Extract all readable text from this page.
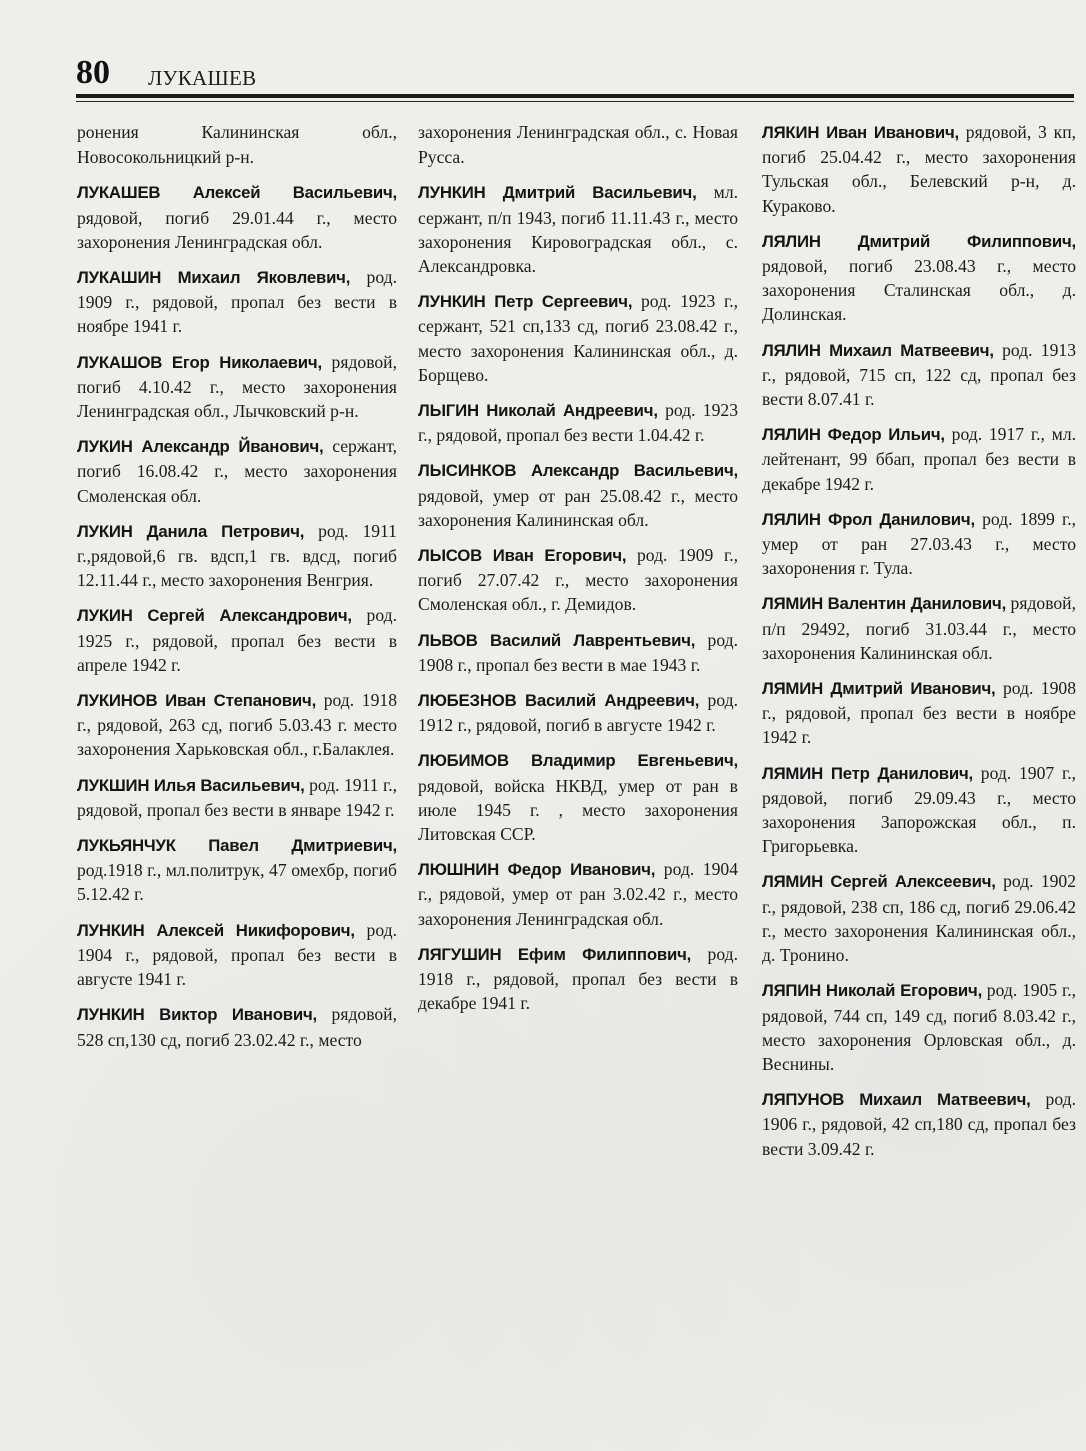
80 ЛУКАШЕВ

ронения Калининская обл., Новосокольницкий р-н.

ЛУКАШЕВ Алексей Васильевич, рядовой, погиб 29.01.44 г., место захоронения Ленинградская обл.

ЛУКАШИН Михаил Яковлевич, род. 1909 г., рядовой, пропал без вести в ноябре 1941 г.

ЛУКАШОВ Егор Николаевич, рядовой, погиб 4.10.42 г., место захоронения Ленинградская обл., Лычковский р-н.

ЛУКИН Александр Йванович, сержант, погиб 16.08.42 г., место захоронения Смоленская обл.

ЛУКИН Данила Петрович, род. 1911 г.,рядовой,6 гв. вдсп,1 гв. вдсд, погиб 12.11.44 г., место захоронения Венгрия.

ЛУКИН Сергей Александрович, род. 1925 г., рядовой, пропал без вести в апреле 1942 г.

ЛУКИНОВ Иван Степанович, род. 1918 г., рядовой, 263 сд, погиб 5.03.43 г. место захоронения Харьковская обл., г.Балаклея.

ЛУКШИН Илья Васильевич, род. 1911 г., рядовой, пропал без вести в январе 1942 г.

ЛУКЬЯНЧУК Павел Дмитриевич, род.1918 г., мл.политрук, 47 омехбр, погиб 5.12.42 г.

ЛУНКИН Алексей Никифорович, род. 1904 г., рядовой, пропал без вести в августе 1941 г.

ЛУНКИН Виктор Иванович, рядовой, 528 сп,130 сд, погиб 23.02.42 г., место

захоронения Ленинградская обл., с. Новая Русса.

ЛУНКИН Дмитрий Васильевич, мл. сержант, п/п 1943, погиб 11.11.43 г., место захоронения Кировоградская обл., с. Александровка.

ЛУНКИН Петр Сергеевич, род. 1923 г., сержант, 521 сп,133 сд, погиб 23.08.42 г., место захоронения Калининская обл., д. Борщево.

ЛЫГИН Николай Андреевич, род. 1923 г., рядовой, пропал без вести 1.04.42 г.

ЛЫСИНКОВ Александр Васильевич, рядовой, умер от ран 25.08.42 г., место захоронения Калининская обл.

ЛЫСОВ Иван Егорович, род. 1909 г., погиб 27.07.42 г., место захоронения Смоленская обл., г. Демидов.

ЛЬВОВ Василий Лаврентьевич, род. 1908 г., пропал без вести в мае 1943 г.

ЛЮБЕЗНОВ Василий Андреевич, род. 1912 г., рядовой, погиб в августе 1942 г.

ЛЮБИМОВ Владимир Евгеньевич, рядовой, войска НКВД, умер от ран в июле 1945 г. , место захоронения Литовская ССР.

ЛЮШНИН Федор Иванович, род. 1904 г., рядовой, умер от ран 3.02.42 г., место захоронения Ленинградская обл.

ЛЯГУШИН Ефим Филиппович, род. 1918 г., рядовой, пропал без вести в декабре 1941 г.

ЛЯКИН Иван Иванович, рядовой, 3 кп, погиб 25.04.42 г., место захоронения Тульская обл., Белевский р-н, д. Кураково.

ЛЯЛИН Дмитрий Филиппович, рядовой, погиб 23.08.43 г., место захоронения Сталинская обл., д. Долинская.

ЛЯЛИН Михаил Матвеевич, род. 1913 г., рядовой, 715 сп, 122 сд, пропал без вести 8.07.41 г.

ЛЯЛИН Федор Ильич, род. 1917 г., мл. лейтенант, 99 ббап, пропал без вести в декабре 1942 г.

ЛЯЛИН Фрол Данилович, род. 1899 г., умер от ран 27.03.43 г., место захоронения г. Тула.

ЛЯМИН Валентин Данилович, рядовой, п/п 29492, погиб 31.03.44 г., место захоронения Калининская обл.

ЛЯМИН Дмитрий Иванович, род. 1908 г., рядовой, пропал без вести в ноябре 1942 г.

ЛЯМИН Петр Данилович, род. 1907 г., рядовой, погиб 29.09.43 г., место захоронения Запорожская обл., п. Григорьевка.

ЛЯМИН Сергей Алексеевич, род. 1902 г., рядовой, 238 сп, 186 сд, погиб 29.06.42 г., место захоронения Калининская обл., д. Тронино.

ЛЯПИН Николай Егорович, род. 1905 г., рядовой, 744 сп, 149 сд, погиб 8.03.42 г., место захоронения Орловская обл., д. Веснины.

ЛЯПУНОВ Михаил Матвеевич, род. 1906 г., рядовой, 42 сп,180 сд, пропал без вести 3.09.42 г.
